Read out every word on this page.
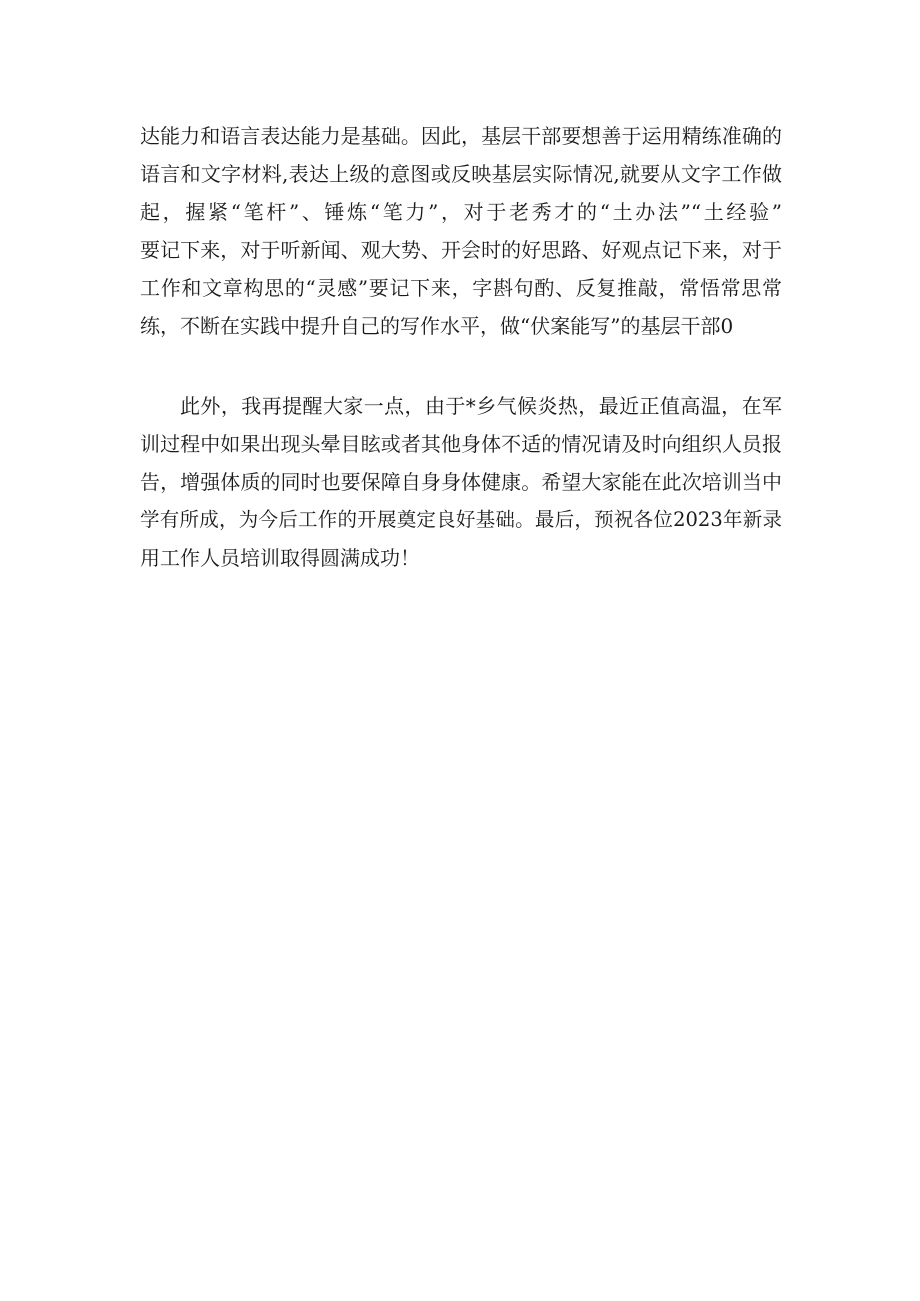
达能力和语言表达能力是基础。因此，基层干部要想善于运用精练准确的
语言和文字材料,表达上级的意图或反映基层实际情况,就要从文字工作做
起，握紧“笔杆”、锤炼“笔力”，对于老秀才的“土办法”“土经验”
要记下来，对于听新闻、观大势、开会时的好思路、好观点记下来，对于
工作和文章构思的“灵感”要记下来，字斟句酌、反复推敲，常悟常思常
练，不断在实践中提升自己的写作水平，做“伏案能写”的基层干部0
此外，我再提醒大家一点，由于*乡气候炎热，最近正值高温，在军
训过程中如果出现头晕目眩或者其他身体不适的情况请及时向组织人员报
告，增强体质的同时也要保障自身身体健康。希望大家能在此次培训当中
学有所成，为今后工作的开展奠定良好基础。最后，预祝各位2023年新录
用工作人员培训取得圆满成功！
